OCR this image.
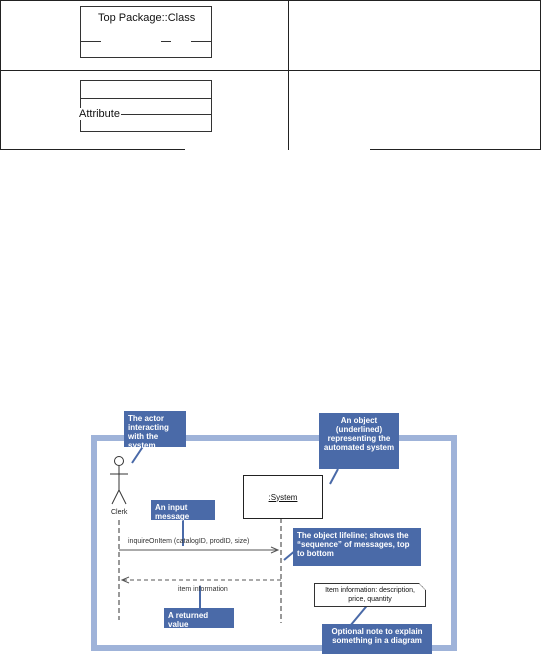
Top Package::Class
Attribute
Clerk
:System
inquireOnItem (catalogID, prodID, size)
item information	Item information: description, price, quantity
The actor interacting with the system
An object (underlined) representing the automated system
An input message
The object lifeline; shows the “sequence” of messages, top to bottom
A returned value
Optional note to explain something in a diagram
